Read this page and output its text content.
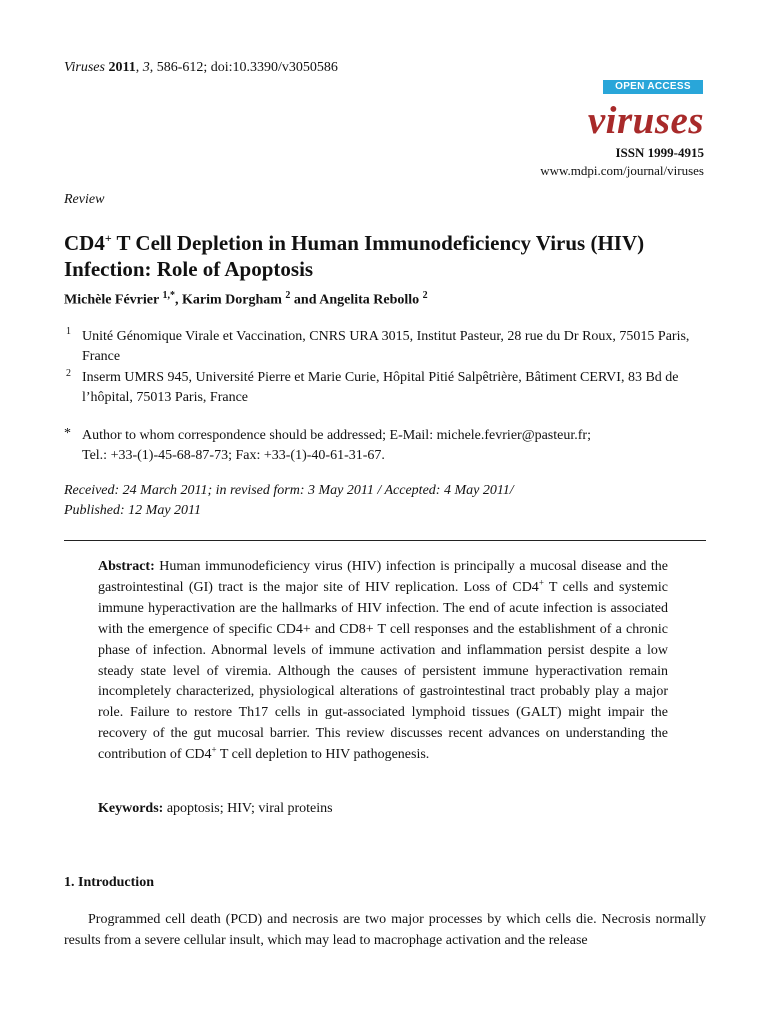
Viruses 2011, 3, 586-612; doi:10.3390/v3050586
OPEN ACCESS
viruses
ISSN 1999-4915
www.mdpi.com/journal/viruses
Review
CD4+ T Cell Depletion in Human Immunodeficiency Virus (HIV) Infection: Role of Apoptosis
Michèle Février $^{1,*}$, Karim Dorgham $^2$ and Angelita Rebollo $^2$
1 Unité Génomique Virale et Vaccination, CNRS URA 3015, Institut Pasteur, 28 rue du Dr Roux, 75015 Paris, France
2 Inserm UMRS 945, Université Pierre et Marie Curie, Hôpital Pitié Salpêtrière, Bâtiment CERVI, 83 Bd de l’hôpital, 75013 Paris, France
* Author to whom correspondence should be addressed; E-Mail: michele.fevrier@pasteur.fr;
Tel.: +33-(1)-45-68-87-73; Fax: +33-(1)-40-61-31-67.
Received: 24 March 2011; in revised form: 3 May 2011 / Accepted: 4 May 2011/
Published: 12 May 2011

Abstract: Human immunodeficiency virus (HIV) infection is principally a mucosal disease and the gastrointestinal (GI) tract is the major site of HIV replication. Loss of CD4+ T cells and systemic immune hyperactivation are the hallmarks of HIV infection. The end of acute infection is associated with the emergence of specific CD4+ and CD8+ T cell responses and the establishment of a chronic phase of infection. Abnormal levels of immune activation and inflammation persist despite a low steady state level of viremia. Although the causes of persistent immune hyperactivation remain incompletely characterized, physiological alterations of gastrointestinal tract probably play a major role. Failure to restore Th17 cells in gut-associated lymphoid tissues (GALT) might impair the recovery of the gut mucosal barrier. This review discusses recent advances on understanding the contribution of CD4+ T cell depletion to HIV pathogenesis.

Keywords: apoptosis; HIV; viral proteins
1. Introduction

Programmed cell death (PCD) and necrosis are two major processes by which cells die. Necrosis normally results from a severe cellular insult, which may lead to macrophage activation and the release
